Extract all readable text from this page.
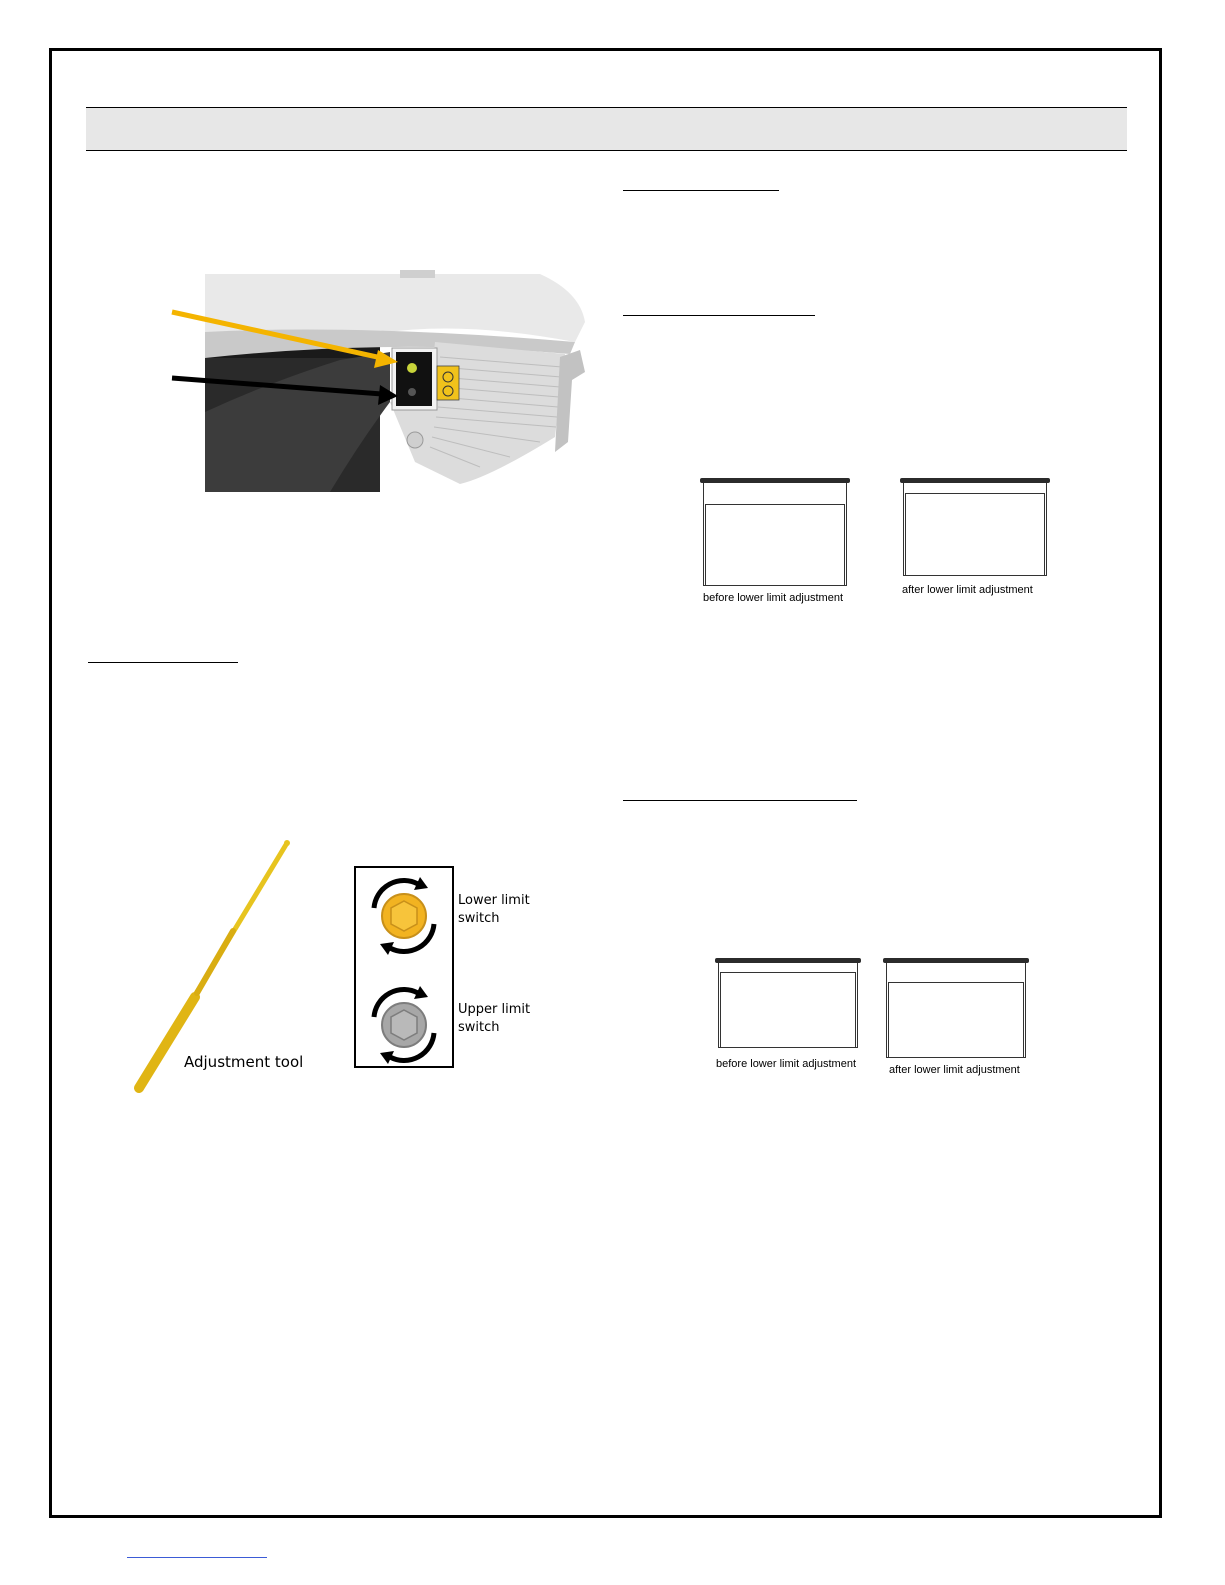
Adjustment tool
Lower limit
switch
Upper limit
switch
before lower limit adjustment
after lower limit adjustment
before lower limit adjustment	after lower limit adjustment
